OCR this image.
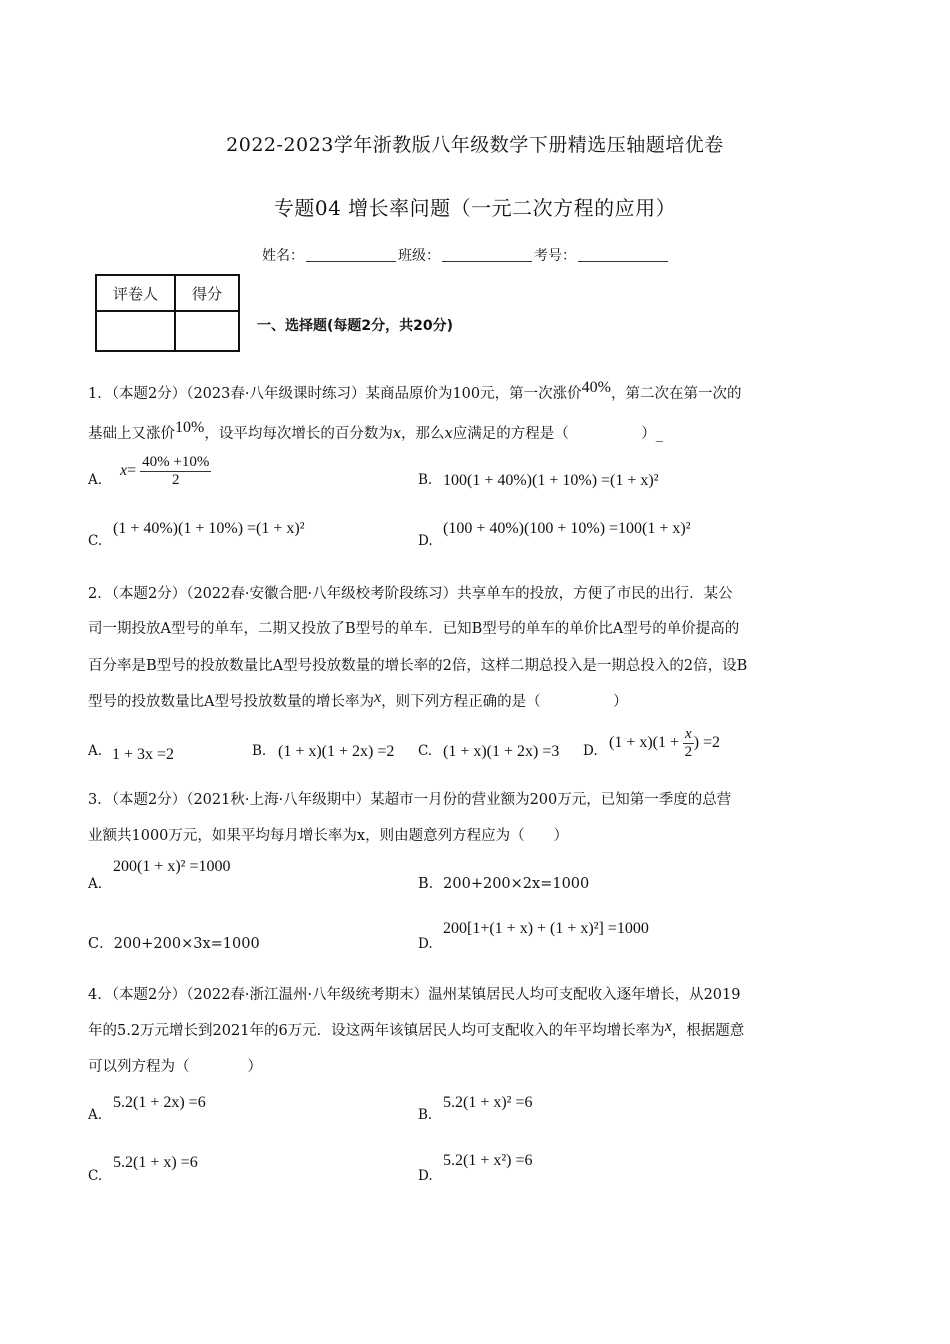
2022-2023学年浙教版八年级数学下册精选压轴题培优卷
专题04 增长率问题（一元二次方程的应用）
姓名：	班级：	考号：
评卷人	得分

一、选择题(每题2分，共20分)
1．（本题2分）（2023春·八年级课时练习）某商品原价为100元，第一次涨价40%，第二次在第一次的
基础上又涨价10%，设平均每次增长的百分数为x，那么x应满足的方程是（　　　　　）_
A.
$x= \frac{40\% +10\%}{2}$	B. 100(1 + 40%)(1 + 10%) =(1 + x)²
C.
(1 + 40%)(1 + 10%) =(1 + x)²
D.
(100 + 40%)(100 + 10%) =100(1 + x)²
2．（本题2分）（2022春·安徽合肥·八年级校考阶段练习）共享单车的投放，方便了市民的出行．某公
司一期投放A型号的单车，二期又投放了B型号的单车．已知B型号的单车的单价比A型号的单价提高的
百分率是B型号的投放数量比A型号投放数量的增长率的2倍，这样二期总投入是一期总投入的2倍，设B
型号的投放数量比A型号投放数量的增长率为x，则下列方程正确的是（　　　　　）
A. 1 + 3x =2	B. (1 + x)(1 + 2x) =2 C. (1 + x)(1 + 2x) =3 D. $(1 + x)(1 + \frac{x}{2}$ ) =2
3．（本题2分）（2021秋·上海·八年级期中）某超市一月份的营业额为200万元，已知第一季度的总营
业额共1000万元，如果平均每月增长率为x，则由题意列方程应为（　　）
A.
200(1 + x)² =1000
B．200+200×2x=1000
C．200+200×3x=1000	D.
200[1+(1 + x) + (1 + x)²] =1000
4．（本题2分）（2022春·浙江温州·八年级统考期末）温州某镇居民人均可支配收入逐年增长，从2019
年的5.2万元增长到2021年的6万元．设这两年该镇居民人均可支配收入的年平均增长率为x，根据题意
可以列方程为（　　　　）
A.
5.2(1 + 2x) =6
B.
5.2(1 + x)² =6
C.
5.2(1 + x) =6
D.
5.2(1 + x²) =6
